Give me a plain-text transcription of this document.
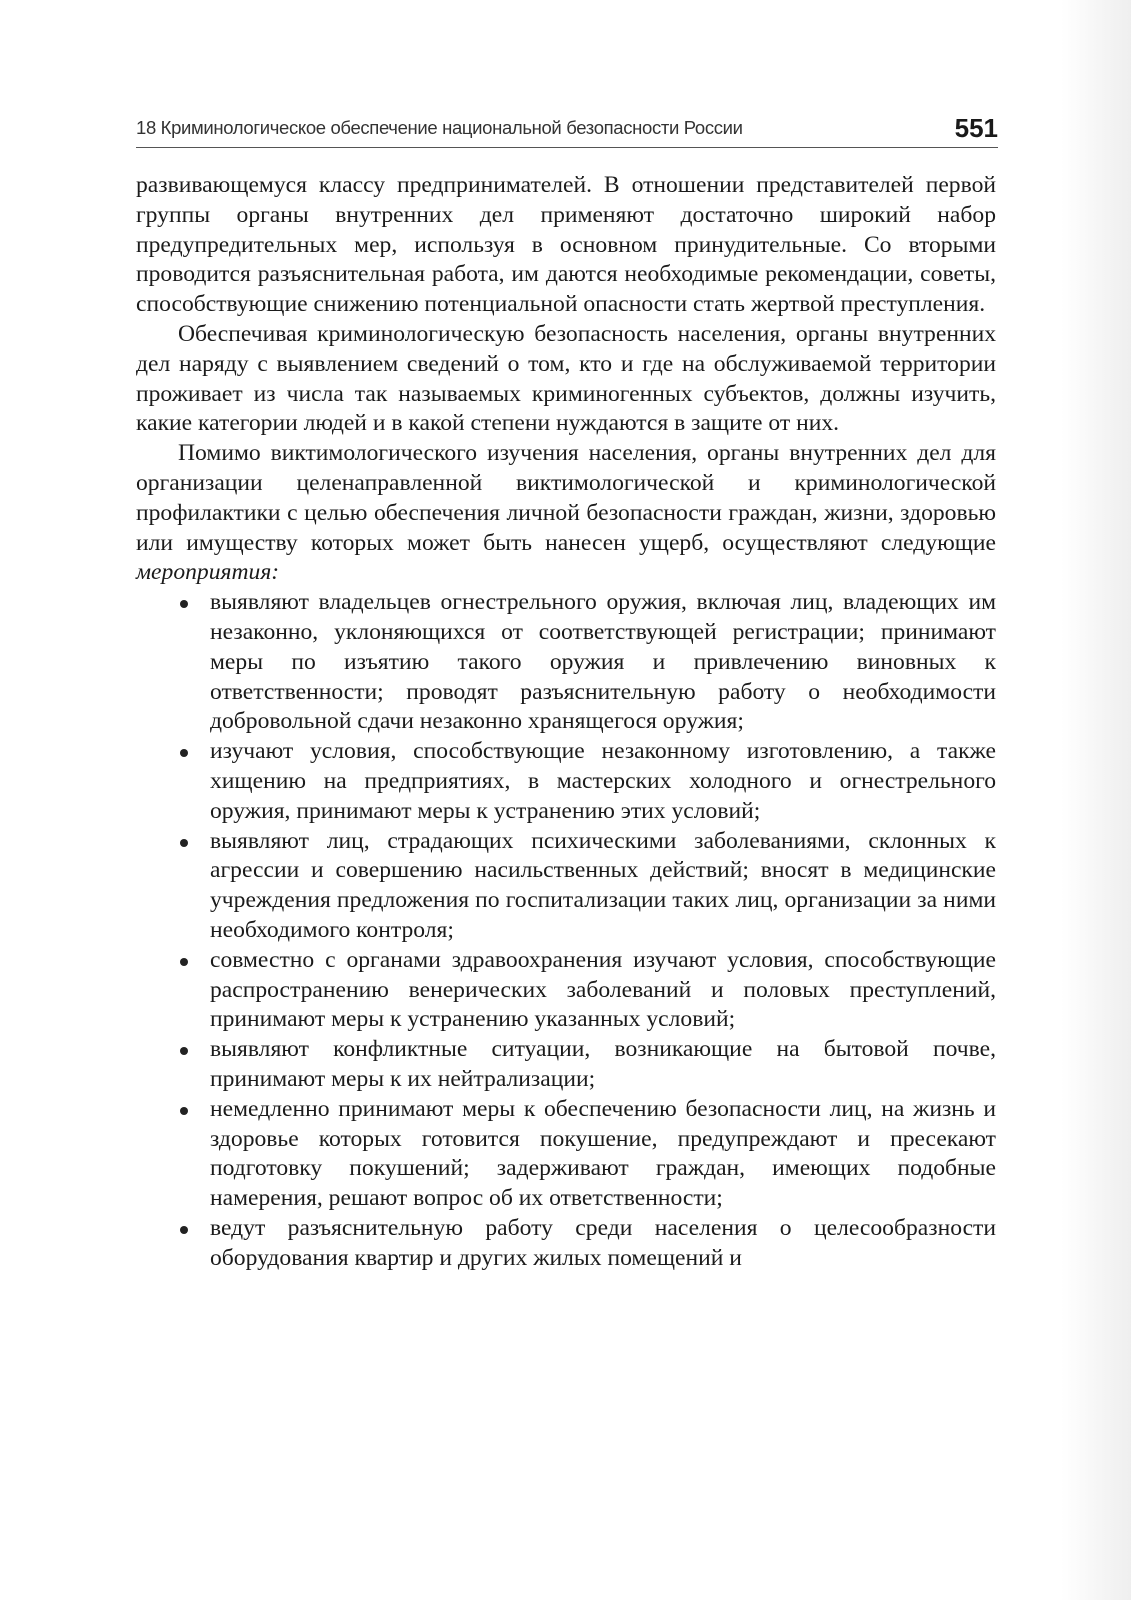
18 Криминологическое обеспечение национальной безопасности России	551

развивающемуся классу предпринимателей. В отношении представителей первой группы органы внутренних дел применяют достаточно широкий набор предупредительных мер, используя в основном принудительные. Со вторыми проводится разъяснительная работа, им даются необходимые рекомендации, советы, способствующие снижению потенциальной опасности стать жертвой преступления.

Обеспечивая криминологическую безопасность населения, органы внутренних дел наряду с выявлением сведений о том, кто и где на обслуживаемой территории проживает из числа так называемых криминогенных субъектов, должны изучить, какие категории людей и в какой степени нуждаются в защите от них.

Помимо виктимологического изучения населения, органы внутренних дел для организации целенаправленной виктимологической и криминологической профилактики с целью обеспечения личной безопасности граждан, жизни, здоровью или имуществу которых может быть нанесен ущерб, осуществляют следующие мероприятия:

выявляют владельцев огнестрельного оружия, включая лиц, владеющих им незаконно, уклоняющихся от соответствующей регистрации; принимают меры по изъятию такого оружия и привлечению виновных к ответственности; проводят разъяснительную работу о необходимости добровольной сдачи незаконно хранящегося оружия;
изучают условия, способствующие незаконному изготовлению, а также хищению на предприятиях, в мастерских холодного и огнестрельного оружия, принимают меры к устранению этих условий;
выявляют лиц, страдающих психическими заболеваниями, склонных к агрессии и совершению насильственных действий; вносят в медицинские учреждения предложения по госпитализации таких лиц, организации за ними необходимого контроля;
совместно с органами здравоохранения изучают условия, способствующие распространению венерических заболеваний и половых преступлений, принимают меры к устранению указанных условий;
выявляют конфликтные ситуации, возникающие на бытовой почве, принимают меры к их нейтрализации;
немедленно принимают меры к обеспечению безопасности лиц, на жизнь и здоровье которых готовится покушение, предупреждают и пресекают подготовку покушений; задерживают граждан, имеющих подобные намерения, решают вопрос об их ответственности;
ведут разъяснительную работу среди населения о целесообразности оборудования квартир и других жилых помещений и
